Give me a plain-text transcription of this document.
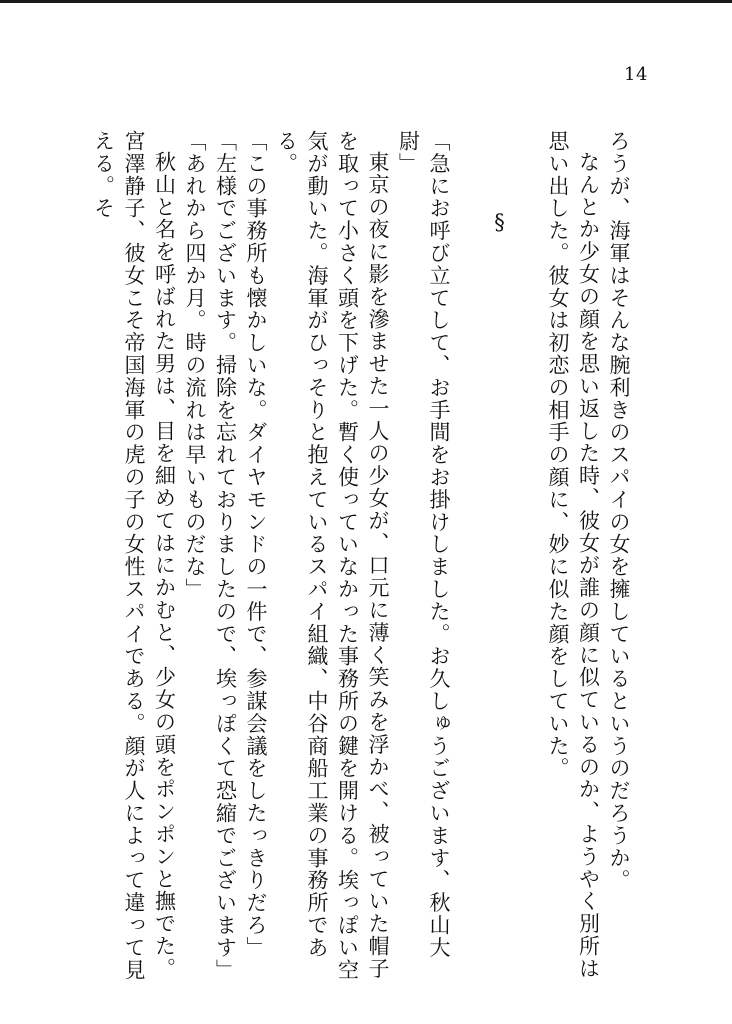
14

ろうが、海軍はそんな腕利きのスパイの女を擁しているというのだろうか。

なんとか少女の顔を思い返した時、彼女が誰の顔に似ているのか、ようやく別所は思い出した。彼女は初恋の相手の顔に、妙に似た顔をしていた。

§

「急にお呼び立てして、お手間をお掛けしました。お久しゅうございます、秋山大尉」

東京の夜に影を滲ませた一人の少女が、口元に薄く笑みを浮かべ、被っていた帽子を取って小さく頭を下げた。暫く使っていなかった事務所の鍵を開ける。埃っぽい空気が動いた。海軍がひっそりと抱えているスパイ組織、中谷商船工業の事務所である。

「この事務所も懐かしいな。ダイヤモンドの一件で、参謀会議をしたっきりだろ」

「左様でございます。掃除を忘れておりましたので、埃っぽくて恐縮でございます」

「あれから四か月。時の流れは早いものだな」

秋山と名を呼ばれた男は、目を細めてはにかむと、少女の頭をポンポンと撫でた。宮澤静子、彼女こそ帝国海軍の虎の子の女性スパイである。顔が人によって違って見える。そ
